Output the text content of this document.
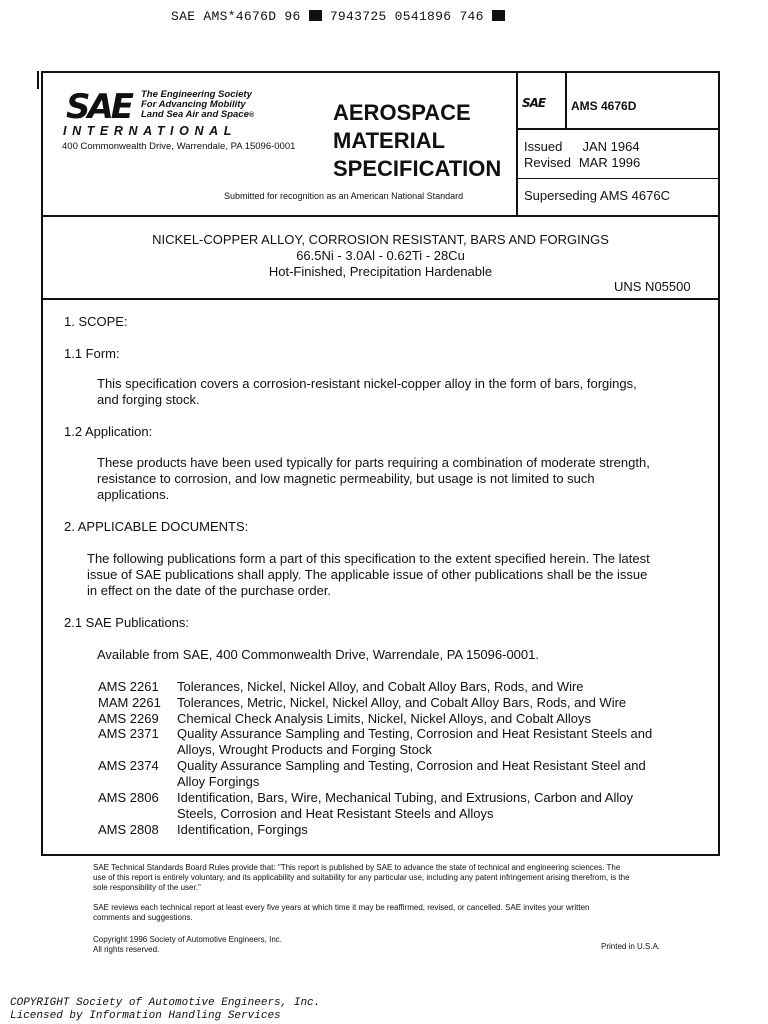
SAE AMS*4676D 96  7943725 0541896 746
SAE The Engineering Society
For Advancing Mobility
Land Sea Air and Space®
INTERNATIONAL
400 Commonwealth Drive, Warrendale, PA 15096-0001
AEROSPACE
MATERIAL
SPECIFICATION
Submitted for recognition as an American National Standard
SAE AMS 4676D
Issued JAN 1964
Revised MAR 1996
Superseding AMS 4676C
NICKEL-COPPER ALLOY, CORROSION RESISTANT, BARS AND FORGINGS
66.5Ni - 3.0Al - 0.62Ti - 28Cu
Hot-Finished, Precipitation Hardenable
UNS N05500
1. SCOPE:
1.1 Form:
This specification covers a corrosion-resistant nickel-copper alloy in the form of bars, forgings,
and forging stock.
1.2 Application:
These products have been used typically for parts requiring a combination of moderate strength,
resistance to corrosion, and low magnetic permeability, but usage is not limited to such
applications.
2. APPLICABLE DOCUMENTS:
The following publications form a part of this specification to the extent specified herein. The latest
issue of SAE publications shall apply. The applicable issue of other publications shall be the issue
in effect on the date of the purchase order.
2.1 SAE Publications:
Available from SAE, 400 Commonwealth Drive, Warrendale, PA 15096-0001.
AMS 2261	Tolerances, Nickel, Nickel Alloy, and Cobalt Alloy Bars, Rods, and Wire
MAM 2261	Tolerances, Metric, Nickel, Nickel Alloy, and Cobalt Alloy Bars, Rods, and Wire
AMS 2269	Chemical Check Analysis Limits, Nickel, Nickel Alloys, and Cobalt Alloys
AMS 2371	Quality Assurance Sampling and Testing, Corrosion and Heat Resistant Steels and
Alloys, Wrought Products and Forging Stock
AMS 2374	Quality Assurance Sampling and Testing, Corrosion and Heat Resistant Steel and
Alloy Forgings
AMS 2806	Identification, Bars, Wire, Mechanical Tubing, and Extrusions, Carbon and Alloy
Steels, Corrosion and Heat Resistant Steels and Alloys
AMS 2808	Identification, Forgings
SAE Technical Standards Board Rules provide that: "This report is published by SAE to advance the state of technical and engineering sciences. The
use of this report is entirely voluntary, and its applicability and suitability for any particular use, including any patent infringement arising therefrom, is the
sole responsibility of the user."
SAE reviews each technical report at least every five years at which time it may be reaffirmed, revised, or cancelled. SAE invites your written
comments and suggestions.
Copyright 1996 Society of Automotive Engineers, Inc.
All rights reserved.	Printed in U.S.A.
COPYRIGHT Society of Automotive Engineers, Inc.
Licensed by Information Handling Services
